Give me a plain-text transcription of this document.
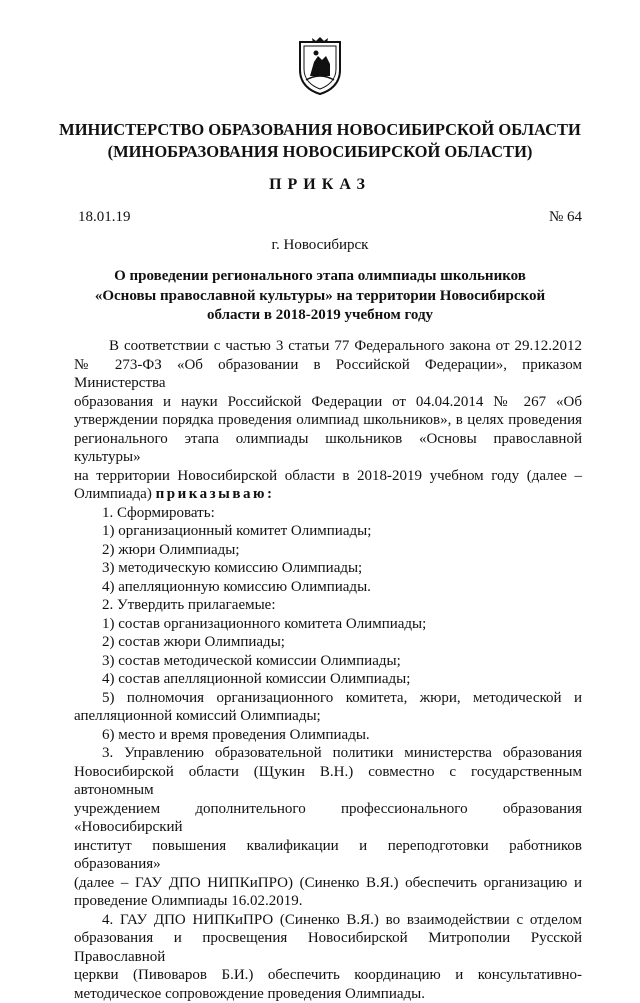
МИНИСТЕРСТВО ОБРАЗОВАНИЯ НОВОСИБИРСКОЙ ОБЛАСТИ
(МИНОБРАЗОВАНИЯ НОВОСИБИРСКОЙ ОБЛАСТИ)
ПРИКАЗ
18.01.19	№ 64
г. Новосибирск
О проведении регионального этапа олимпиады школьников
«Основы православной культуры» на территории Новосибирской
области в 2018-2019 учебном году

В соответствии с частью 3 статьи 77 Федерального закона от 29.12.2012

№ 273-ФЗ «Об образовании в Российской Федерации», приказом Министерства

образования и науки Российской Федерации от 04.04.2014 № 267 «Об

утверждении порядка проведения олимпиад школьников», в целях проведения

регионального этапа олимпиады школьников «Основы православной культуры»

на территории Новосибирской области в 2018-2019 учебном году (далее –

Олимпиада) приказываю:

1. Сформировать:

1) организационный комитет Олимпиады;

2) жюри Олимпиады;

3) методическую комиссию Олимпиады;

4) апелляционную комиссию Олимпиады.

2. Утвердить прилагаемые:

1) состав организационного комитета Олимпиады;

2) состав жюри Олимпиады;

3) состав методической комиссии Олимпиады;

4) состав апелляционной комиссии Олимпиады;

5) полномочия организационного комитета, жюри, методической и

апелляционной комиссий Олимпиады;

6) место и время проведения Олимпиады.

3. Управлению образовательной политики министерства образования

Новосибирской области (Щукин В.Н.) совместно с государственным автономным

учреждением дополнительного профессионального образования «Новосибирский

институт повышения квалификации и переподготовки работников образования»

(далее – ГАУ ДПО НИПКиПРО) (Синенко В.Я.) обеспечить организацию и

проведение Олимпиады 16.02.2019.

4. ГАУ ДПО НИПКиПРО (Синенко В.Я.) во взаимодействии с отделом

образования и просвещения Новосибирской Митрополии Русской Православной

церкви (Пивоваров Б.И.) обеспечить координацию и консультативно-

методическое сопровождение проведения Олимпиады.
